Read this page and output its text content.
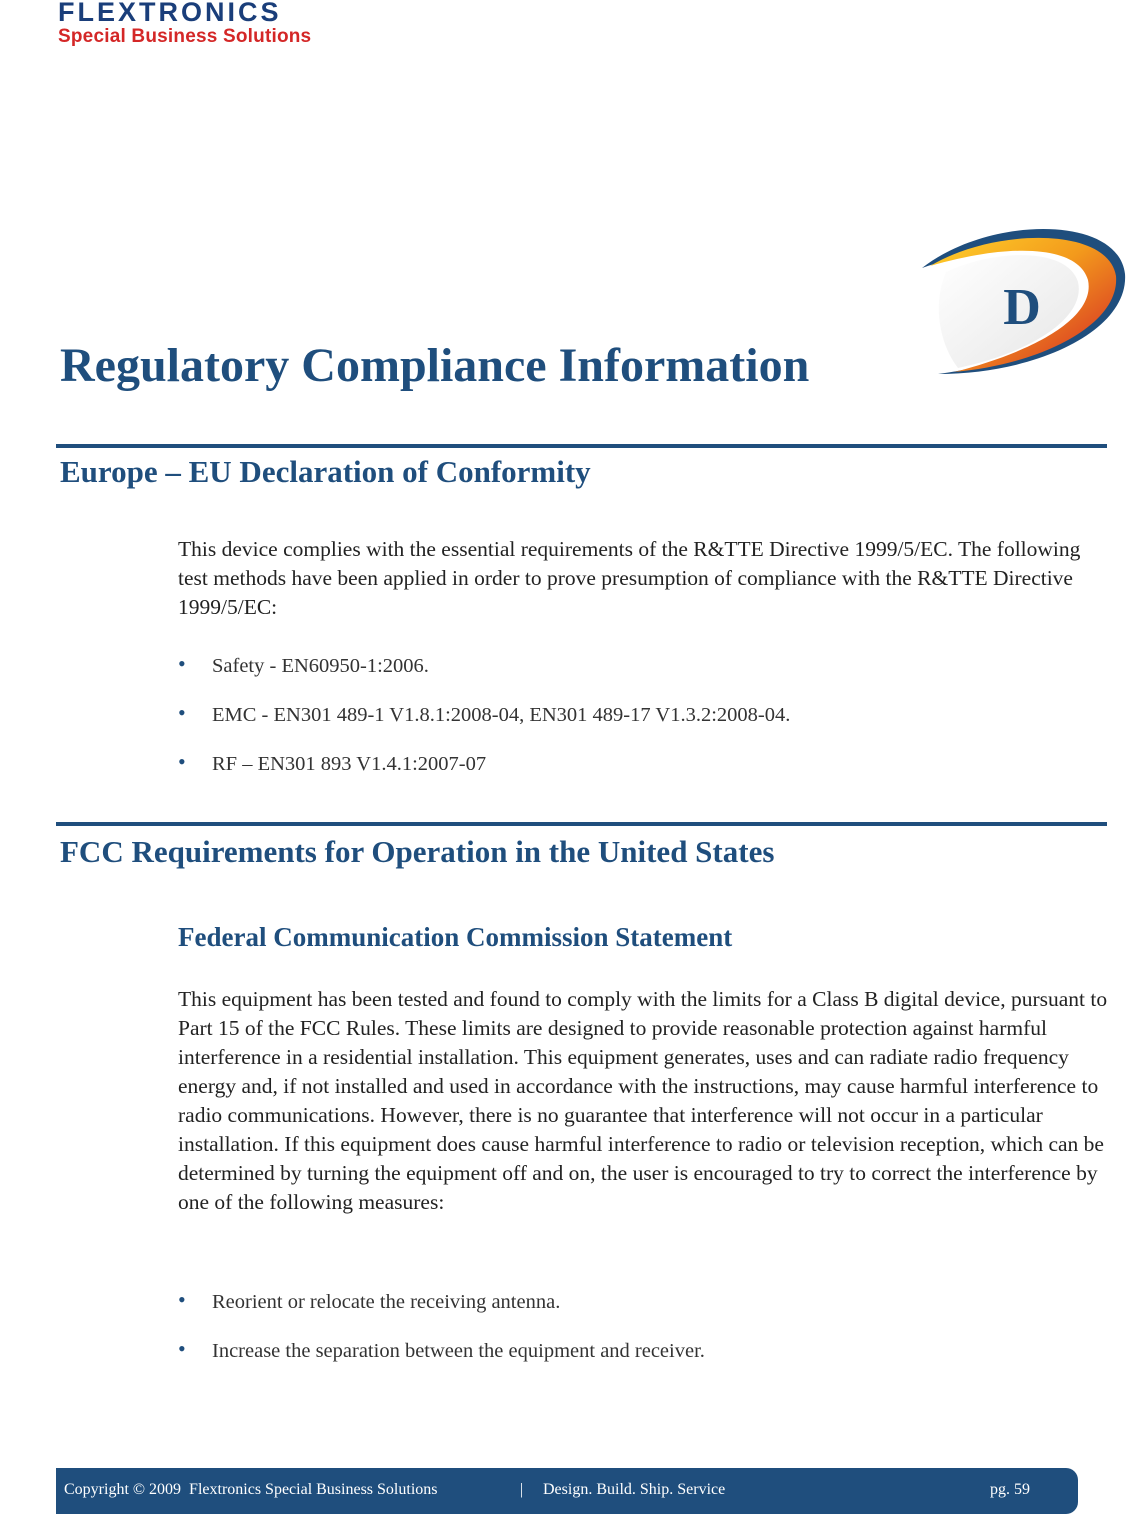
FLEXTRONICS
Special Business Solutions
D
Regulatory Compliance Information
Europe – EU Declaration of Conformity

This device complies with the essential requirements of the R&TTE Directive 1999/5/EC. The following test methods have been applied in order to prove presumption of compliance with the R&TTE Directive 1999/5/EC:

• Safety - EN60950-1:2006.
• EMC - EN301 489-1 V1.8.1:2008-04, EN301 489-17 V1.3.2:2008-04.
• RF – EN301 893 V1.4.1:2007-07
FCC Requirements for Operation in the United States
Federal Communication Commission Statement

This equipment has been tested and found to comply with the limits for a Class B digital device, pursuant to Part 15 of the FCC Rules. These limits are designed to provide reasonable protection against harmful interference in a residential installation. This equipment generates, uses and can radiate radio frequency energy and, if not installed and used in accordance with the instructions, may cause harmful interference to radio communications. However, there is no guarantee that interference will not occur in a particular installation. If this equipment does cause harmful interference to radio or television reception, which can be determined by turning the equipment off and on, the user is encouraged to try to correct the interference by one of the following measures:

• Reorient or relocate the receiving antenna.
• Increase the separation between the equipment and receiver.
Copyright © 2009  Flextronics Special Business Solutions	| Design. Build. Ship. Service	pg. 59
